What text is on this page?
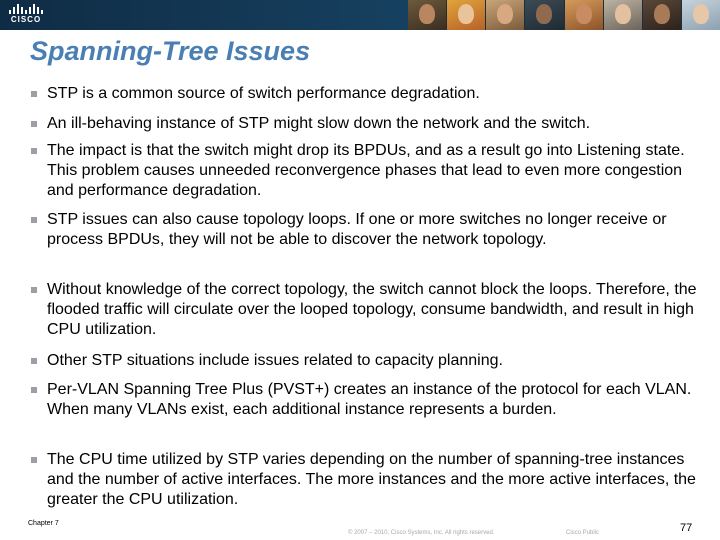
CISCO
Spanning-Tree Issues
STP is a common source of switch performance degradation.
An ill-behaving instance of STP might slow down the network and the switch.
The impact is that the switch might drop its BPDUs, and as a result go into Listening state. This problem causes unneeded reconvergence phases that lead to even more congestion and performance degradation.
STP issues can also cause topology loops. If one or more switches no longer receive or process BPDUs, they will not be able to discover the network topology.
Without knowledge of the correct topology, the switch cannot block the loops. Therefore, the flooded traffic will circulate over the looped topology, consume bandwidth, and result in high CPU utilization.
Other STP situations include issues related to capacity planning.
Per-VLAN Spanning Tree Plus (PVST+) creates an instance of the protocol for each VLAN. When many VLANs exist, each additional instance represents a burden.
The CPU time utilized by STP varies depending on the number of spanning-tree instances and the number of active interfaces. The more instances and the more active interfaces, the greater the CPU utilization.
Chapter 7
© 2007 – 2010, Cisco Systems, Inc. All rights reserved.	Cisco Public	77
